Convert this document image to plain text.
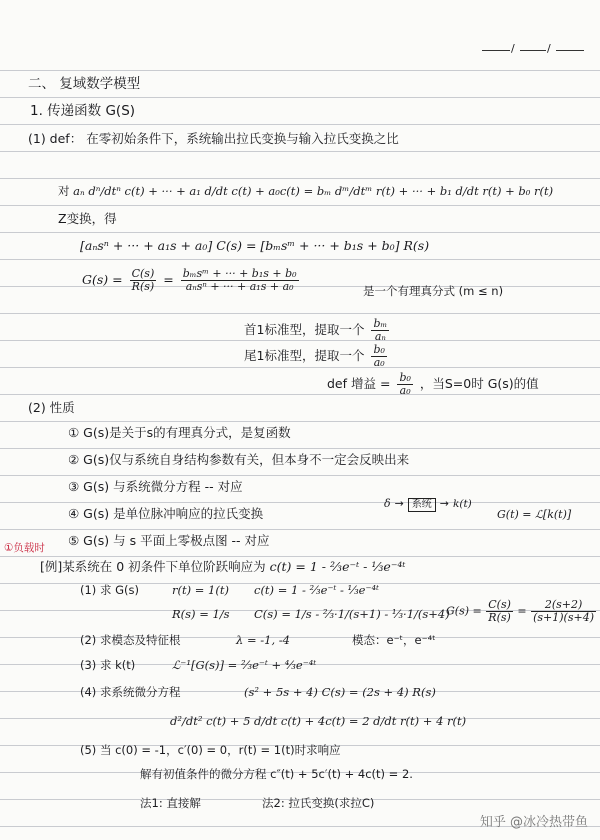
/	/
二、 复域数学模型
1. 传递函数 G(S)
(1) def： 在零初始条件下，系统输出拉氏变换与输入拉氏变换之比
对 aₙ dⁿ/dtⁿ c(t) + ··· + a₁ d/dt c(t) + a₀c(t) = bₘ dᵐ/dtᵐ r(t) + ··· + b₁ d/dt r(t) + b₀ r(t)
Z变换，得
[aₙsⁿ + ··· + a₁s + a₀] C(s) = [bₘsᵐ + ··· + b₁s + b₀] R(s)
$G(s) = \frac{C(s)}{R(s)} = \frac{\text{bₘsᵐ + ··· + b₁s + b₀}}{\text{aₙsⁿ + ··· + a₁s + a₀}}$	是一个有理真分式 (m ≤ n)
首1标准型，提取一个 $\frac{\text{bₘ}}{\text{aₙ}}$
尾1标准型，提取一个 $\frac{\text{b₀}}{\text{a₀}}$
def 增益 = $\frac{\text{b₀}}{\text{a₀}}$ ，当S=0时 G(s)的值
(2) 性质
① G(s)是关于s的有理真分式，是复函数
② G(s)仅与系统自身结构参数有关，但本身不一定会反映出来
③ G(s) 与系统微分方程 -- 对应
④ G(s) 是单位脉冲响应的拉氏变换
⑤ G(s) 与 s 平面上零极点图 -- 对应
δ → 系统 → k(t)
G(t) = ℒ[k(t)]
①负载时
[例]某系统在 0 初条件下单位阶跃响应为 c(t) = 1 - ²⁄₃e⁻ᵗ - ¹⁄₃e⁻⁴ᵗ
(1) 求 G(s)	r(t) = 1(t) c(t) = 1 - ²⁄₃e⁻ᵗ - ¹⁄₃e⁻⁴ᵗ
R(s) = 1/s C(s) = 1/s - ²⁄₃·1/(s+1) - ¹⁄₃·1/(s+4)
$G(s) = \frac{C(s)}{R(s)} = \frac{2(s+2)}{(s+1)(s+4)}$
(2) 求模态及特征根	λ = -1, -4	模态：e⁻ᵗ，e⁻⁴ᵗ
(3) 求 k(t)	ℒ⁻¹[G(s)] = ²⁄₃e⁻ᵗ + ⁴⁄₃e⁻⁴ᵗ
(4) 求系统微分方程	(s² + 5s + 4) C(s) = (2s + 4) R(s)
d²/dt² c(t) + 5 d/dt c(t) + 4c(t) = 2 d/dt r(t) + 4 r(t)
(5) 当 c(0) = -1，c′(0) = 0，r(t) = 1(t)时求响应
解有初值条件的微分方程 c″(t) + 5c′(t) + 4c(t) = 2.
法1: 直接解	法2: 拉氏变换(求拉C)
知乎 @冰冷热带鱼
